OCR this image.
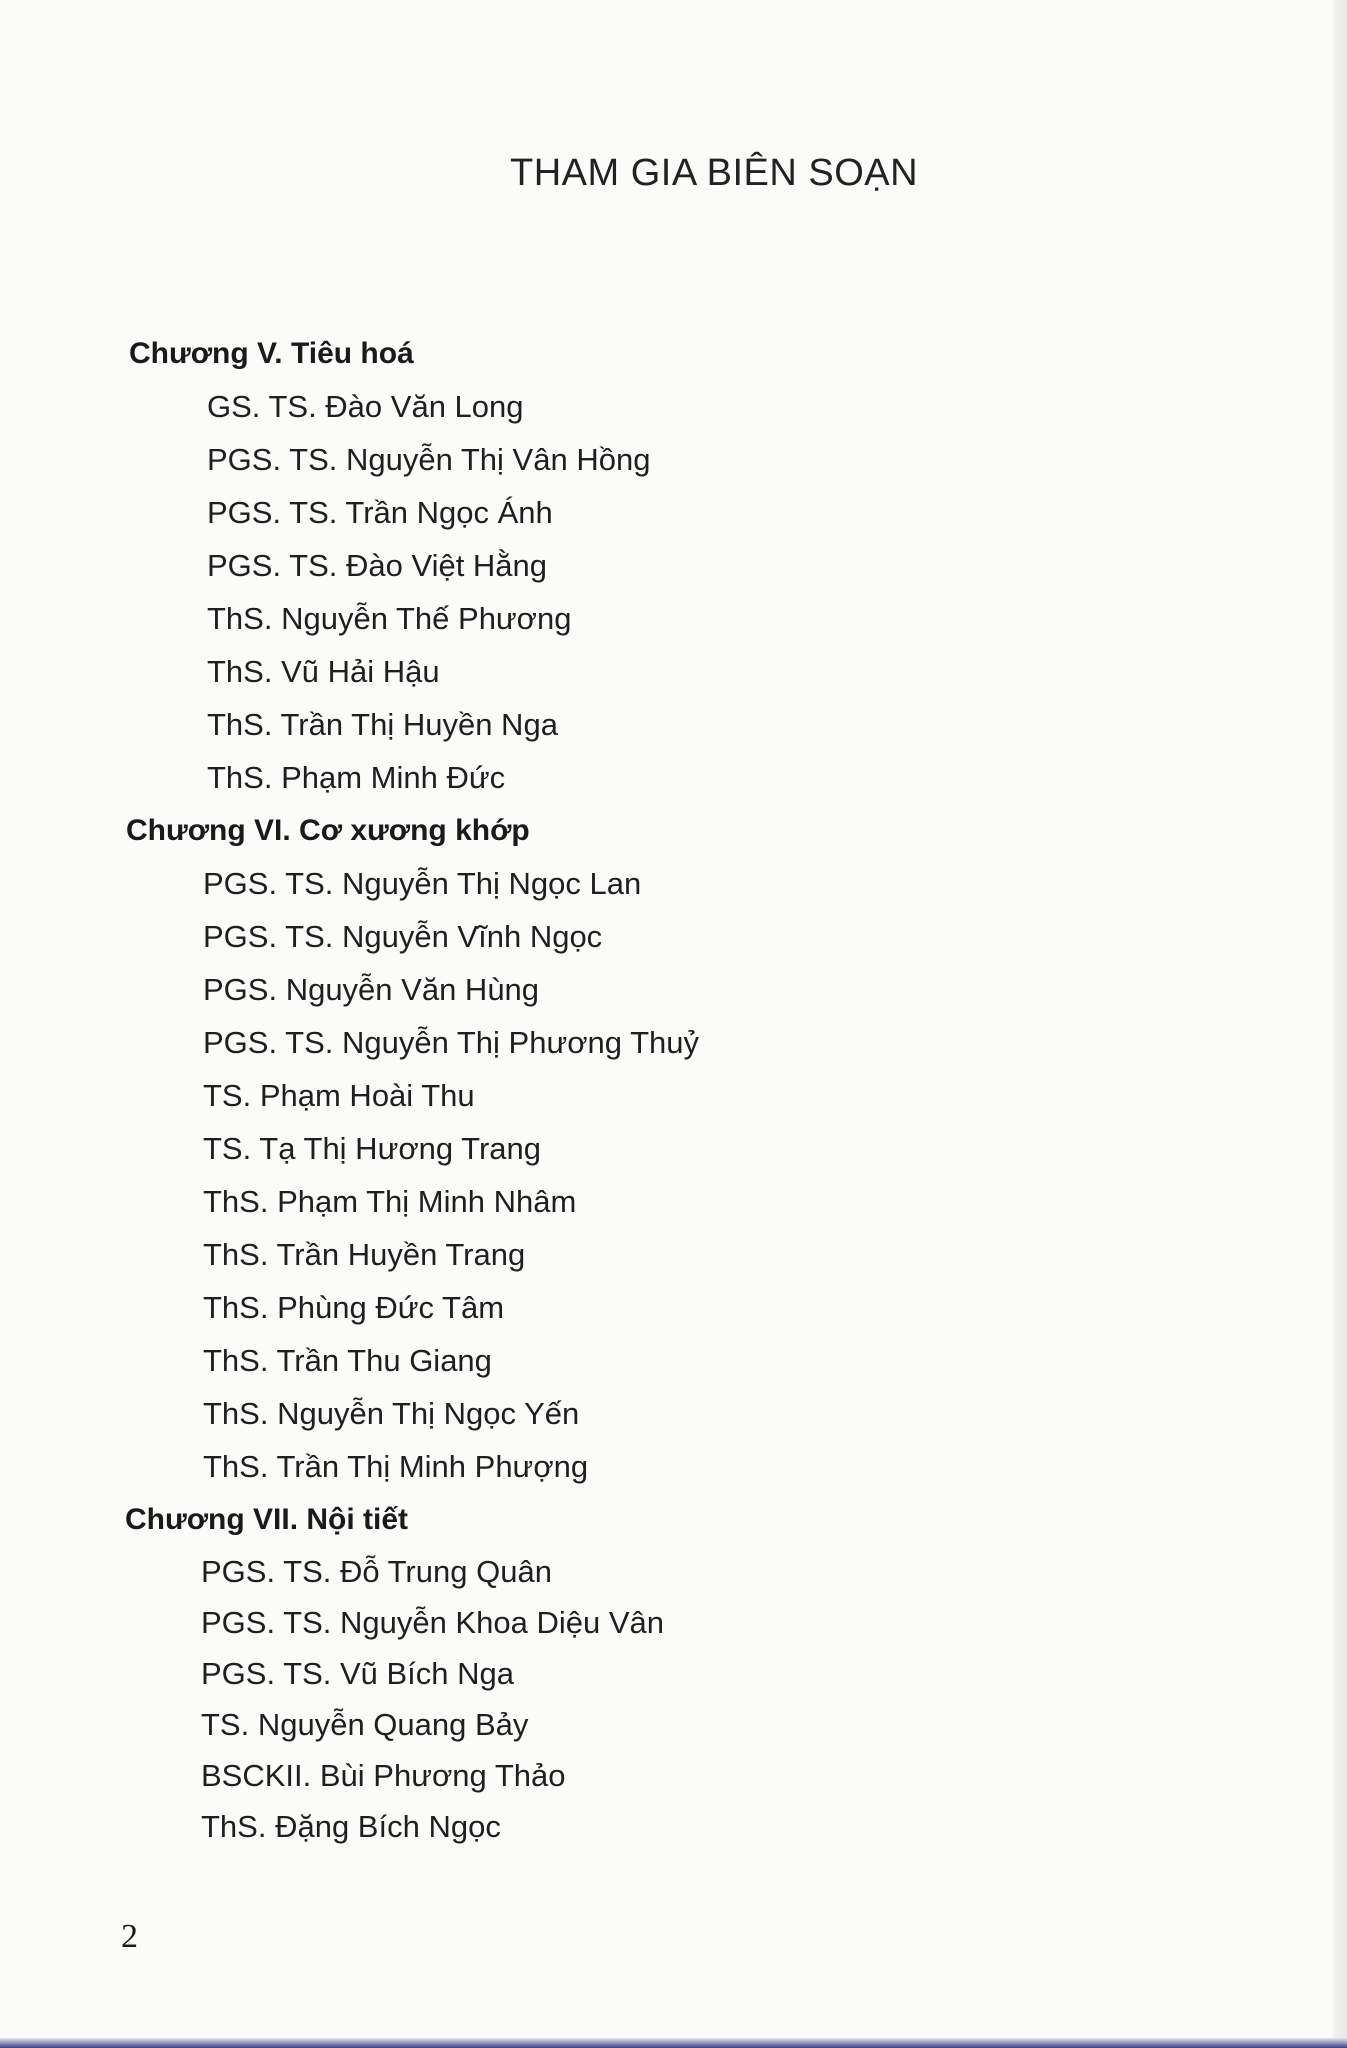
THAM GIA BIÊN SOẠN
Chương V. Tiêu hoá
GS. TS. Đào Văn Long
PGS. TS. Nguyễn Thị Vân Hồng
PGS. TS. Trần Ngọc Ánh
PGS. TS. Đào Việt Hằng
ThS. Nguyễn Thế Phương
ThS. Vũ Hải Hậu
ThS. Trần Thị Huyền Nga
ThS. Phạm Minh Đức
Chương VI. Cơ xương khớp
PGS. TS. Nguyễn Thị Ngọc Lan
PGS. TS. Nguyễn Vĩnh Ngọc
PGS. Nguyễn Văn Hùng
PGS. TS. Nguyễn Thị Phương Thuỷ
TS. Phạm Hoài Thu
TS. Tạ Thị Hương Trang
ThS. Phạm Thị Minh Nhâm
ThS. Trần Huyền Trang
ThS. Phùng Đức Tâm
ThS. Trần Thu Giang
ThS. Nguyễn Thị Ngọc Yến
ThS. Trần Thị Minh Phượng
Chương VII. Nội tiết
PGS. TS. Đỗ Trung Quân
PGS. TS. Nguyễn Khoa Diệu Vân
PGS. TS. Vũ Bích Nga
TS. Nguyễn Quang Bảy
BSCKII. Bùi Phương Thảo
ThS. Đặng Bích Ngọc
2
